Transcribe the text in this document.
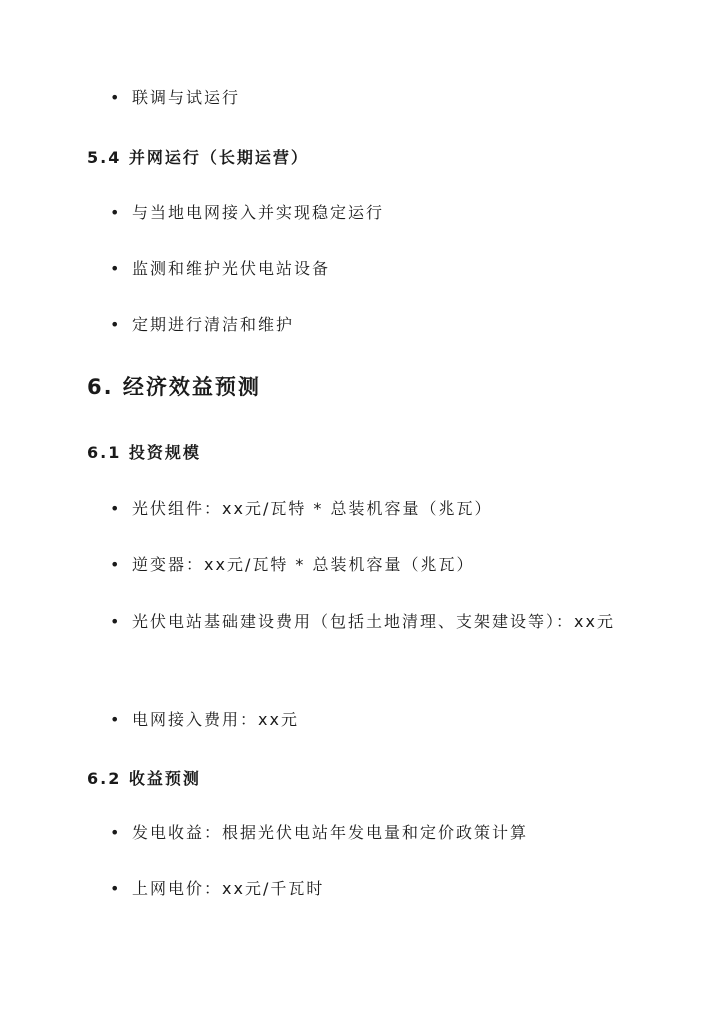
• 联调与试运行
5.4 并网运行（长期运营）
• 与当地电网接入并实现稳定运行
• 监测和维护光伏电站设备
• 定期进行清洁和维护
6. 经济效益预测
6.1 投资规模
• 光伏组件：xx元/瓦特 * 总装机容量（兆瓦）
• 逆变器：xx元/瓦特 * 总装机容量（兆瓦）
• 光伏电站基础建设费用（包括土地清理、支架建设等）：xx元
• 电网接入费用：xx元
6.2 收益预测
• 发电收益：根据光伏电站年发电量和定价政策计算
• 上网电价：xx元/千瓦时
